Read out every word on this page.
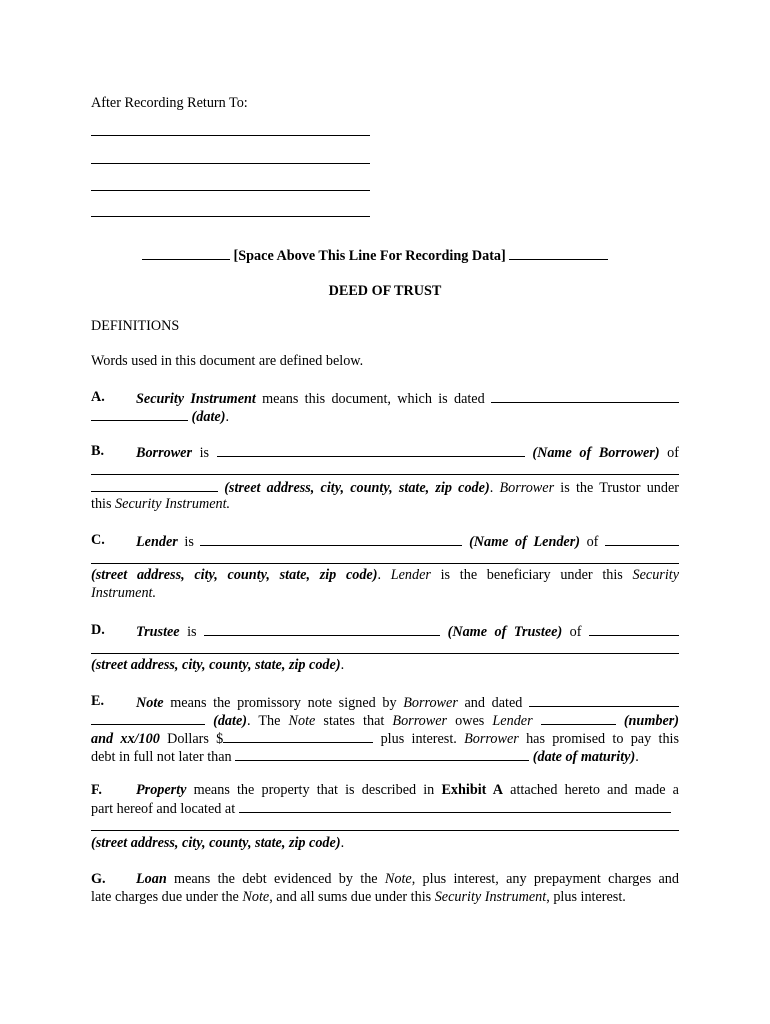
After Recording Return To:
[Space Above This Line For Recording Data]
DEED OF TRUST
DEFINITIONS
Words used in this document are defined below.
A. Security Instrument means this document, which is dated
(date).
B. Borrower is	(Name of Borrower) of
(street address, city, county, state, zip code). Borrower is the Trustor under
this Security Instrument.
C. Lender is	(Name of Lender) of
(street address, city, county, state, zip code). Lender is the beneficiary under this Security
Instrument.
D. Trustee is	(Name of Trustee) of
(street address, city, county, state, zip code).
E. Note means the promissory note signed by Borrower and dated
(date). The Note states that Borrower owes Lender	(number)
and xx/100 Dollars $	plus interest. Borrower has promised to pay this
debt in full not later than	(date of maturity).
F. Property means the property that is described in Exhibit A attached hereto and made a
part hereof and located at
(street address, city, county, state, zip code).
G. Loan means the debt evidenced by the Note, plus interest, any prepayment charges and
late charges due under the Note, and all sums due under this Security Instrument, plus interest.
